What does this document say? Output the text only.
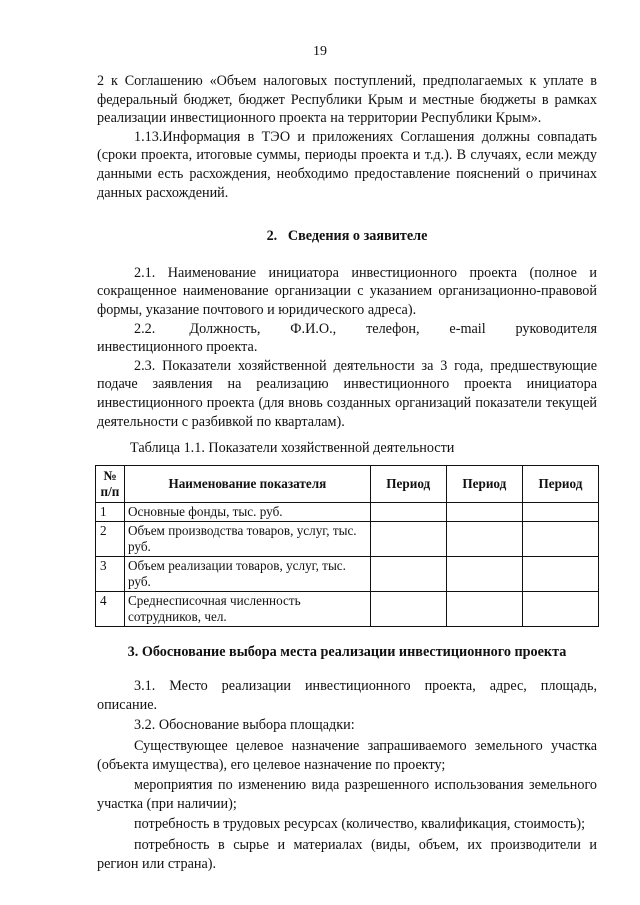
19

2 к Соглашению «Объем налоговых поступлений, предполагаемых к уплате в федеральный бюджет, бюджет Республики Крым и местные бюджеты в рамках реализации инвестиционного проекта на территории Республики Крым».

1.13.Информация в ТЭО и приложениях Соглашения должны совпадать (сроки проекта, итоговые суммы, периоды проекта и т.д.). В случаях, если между данными есть расхождения, необходимо предоставление пояснений о причинах данных расхождений.

2.   Сведения о заявителе

2.1. Наименование инициатора инвестиционного проекта (полное и сокращенное наименование организации с указанием организационно-правовой формы, указание почтового и юридического адреса).

2.2.        Должность,       Ф.И.О.,       телефон,       e-mail       руководителя инвестиционного проекта.

2.3. Показатели хозяйственной деятельности за 3 года, предшествующие подаче заявления на реализацию инвестиционного проекта инициатора инвестиционного проекта (для вновь созданных организаций показатели текущей деятельности с разбивкой по кварталам).

Таблица 1.1. Показатели хозяйственной деятельности

№ п/п	Наименование показателя	Период	Период	Период
1	Основные фонды, тыс. руб.			
2	Объем производства товаров, услуг, тыс. руб.			
3	Объем реализации товаров, услуг, тыс. руб.			
4	Среднесписочная численность сотрудников, чел.			

3. Обоснование выбора места реализации инвестиционного проекта

3.1. Место реализации инвестиционного проекта, адрес, площадь, описание.

3.2. Обоснование выбора площадки:

Существующее целевое назначение запрашиваемого земельного участка (объекта имущества), его целевое назначение по проекту;

мероприятия по изменению вида разрешенного использования земельного участка (при наличии);

потребность в трудовых ресурсах (количество, квалификация, стоимость);

потребность в сырье и материалах (виды, объем, их производители и регион или страна).
